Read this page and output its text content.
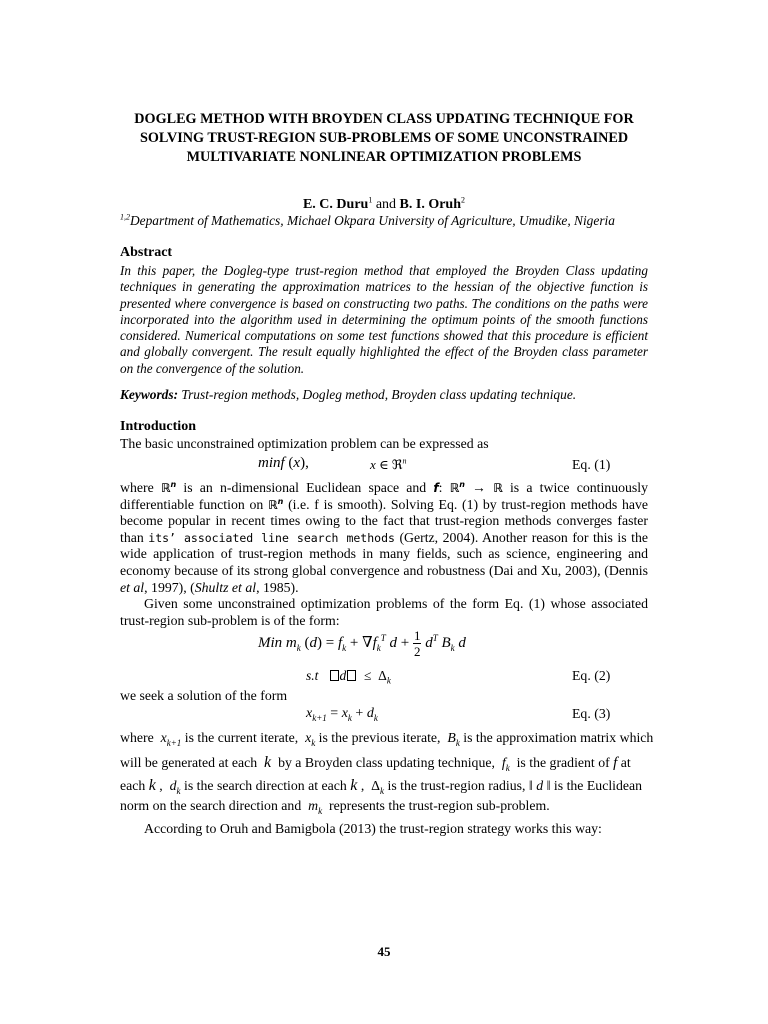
DOGLEG METHOD WITH BROYDEN CLASS UPDATING TECHNIQUE FOR SOLVING TRUST-REGION SUB-PROBLEMS OF SOME UNCONSTRAINED MULTIVARIATE NONLINEAR OPTIMIZATION PROBLEMS
E. C. Duru$^1$ and B. I. Oruh$^2$
$^{1,2}$Department of Mathematics, Michael Okpara University of Agriculture, Umudike, Nigeria
Abstract
In this paper, the Dogleg-type trust-region method that employed the Broyden Class updating techniques in generating the approximation matrices to the hessian of the objective function is presented where convergence is based on constructing two paths. The conditions on the paths were incorporated into the algorithm used in determining the optimum points of the smooth functions considered. Numerical computations on some test functions showed that this procedure is efficient and globally convergent. The result equally highlighted the effect of the Broyden class parameter on the convergence of the solution.
Keywords: Trust-region methods, Dogleg method, Broyden class updating technique.
Introduction
The basic unconstrained optimization problem can be expressed as
minf (x),	x ∈ ℜ$^n$	Eq. (1)

where ℝ$^n$ is an n-dimensional Euclidean space and f: ℝ$^n$ → ℝ is a twice continuously differentiable function on ℝ$^n$ (i.e. f is smooth). Solving Eq. (1) by trust-region methods have become popular in recent times owing to the fact that trust-region methods converges faster than its’ associated line search methods (Gertz, 2004). Another reason for this is the wide application of trust-region methods in many fields, such as science, engineering and economy because of its strong global convergence and robustness (Dai and Xu, 2003), (Dennis et al, 1997), (Shultz et al, 1985).

Given some unconstrained optimization problems of the form Eq. (1) whose associated trust-region sub-problem is of the form:
Min $m_k$ $(d) = f_k + \nabla f_k^T$ $d + \frac{1}{2} d^T$ $B_k$ d
s.t $d \le \Delta_k$	Eq. (2)
we seek a solution of the form
$x_{k+1} = x_k + d_k$	Eq. (3)
where  $x_{k+1}$ is the current iterate, $x_k$ is the previous iterate, $B_k$ is the approximation matrix which
will be generated at each k by a Broyden class updating technique, $f_k$ is the gradient of f at
each k ,  $d_k$ is the search direction at each k ,  $\Delta_k$ is the trust-region radius, ‖ d ‖ is the Euclidean
norm on the search direction and $m_k$ represents the trust-region sub-problem.
According to Oruh and Bamigbola (2013) the trust-region strategy works this way:
45
